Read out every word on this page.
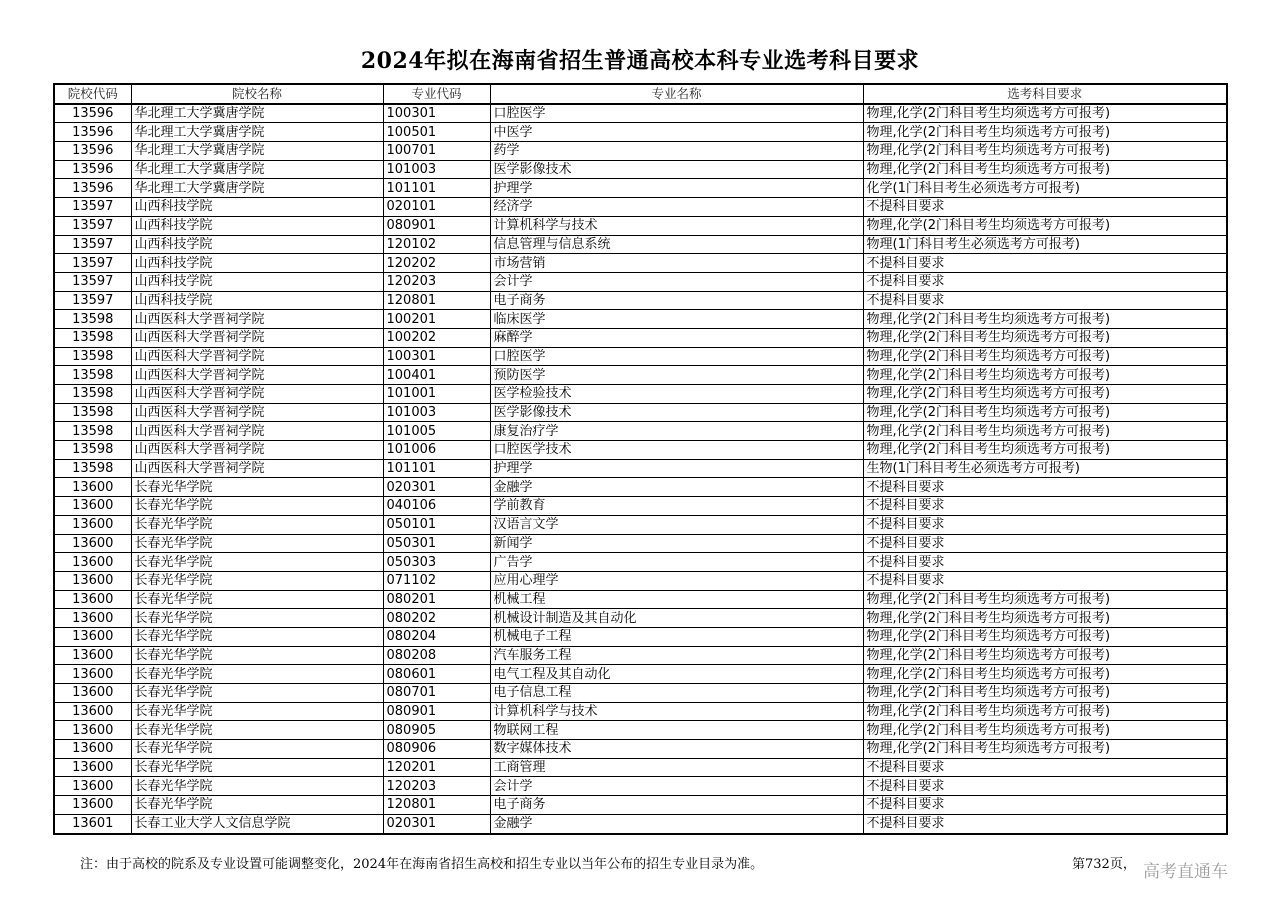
2024年拟在海南省招生普通高校本科专业选考科目要求
院校代码	院校名称	专业代码	专业名称	选考科目要求
13596	华北理工大学冀唐学院	100301	口腔医学	物理,化学(2门科目考生均须选考方可报考)
13596	华北理工大学冀唐学院	100501	中医学	物理,化学(2门科目考生均须选考方可报考)
13596	华北理工大学冀唐学院	100701	药学	物理,化学(2门科目考生均须选考方可报考)
13596	华北理工大学冀唐学院	101003	医学影像技术	物理,化学(2门科目考生均须选考方可报考)
13596	华北理工大学冀唐学院	101101	护理学	化学(1门科目考生必须选考方可报考)
13597	山西科技学院	020101	经济学	不提科目要求
13597	山西科技学院	080901	计算机科学与技术	物理,化学(2门科目考生均须选考方可报考)
13597	山西科技学院	120102	信息管理与信息系统	物理(1门科目考生必须选考方可报考)
13597	山西科技学院	120202	市场营销	不提科目要求
13597	山西科技学院	120203	会计学	不提科目要求
13597	山西科技学院	120801	电子商务	不提科目要求
13598	山西医科大学晋祠学院	100201	临床医学	物理,化学(2门科目考生均须选考方可报考)
13598	山西医科大学晋祠学院	100202	麻醉学	物理,化学(2门科目考生均须选考方可报考)
13598	山西医科大学晋祠学院	100301	口腔医学	物理,化学(2门科目考生均须选考方可报考)
13598	山西医科大学晋祠学院	100401	预防医学	物理,化学(2门科目考生均须选考方可报考)
13598	山西医科大学晋祠学院	101001	医学检验技术	物理,化学(2门科目考生均须选考方可报考)
13598	山西医科大学晋祠学院	101003	医学影像技术	物理,化学(2门科目考生均须选考方可报考)
13598	山西医科大学晋祠学院	101005	康复治疗学	物理,化学(2门科目考生均须选考方可报考)
13598	山西医科大学晋祠学院	101006	口腔医学技术	物理,化学(2门科目考生均须选考方可报考)
13598	山西医科大学晋祠学院	101101	护理学	生物(1门科目考生必须选考方可报考)
13600	长春光华学院	020301	金融学	不提科目要求
13600	长春光华学院	040106	学前教育	不提科目要求
13600	长春光华学院	050101	汉语言文学	不提科目要求
13600	长春光华学院	050301	新闻学	不提科目要求
13600	长春光华学院	050303	广告学	不提科目要求
13600	长春光华学院	071102	应用心理学	不提科目要求
13600	长春光华学院	080201	机械工程	物理,化学(2门科目考生均须选考方可报考)
13600	长春光华学院	080202	机械设计制造及其自动化	物理,化学(2门科目考生均须选考方可报考)
13600	长春光华学院	080204	机械电子工程	物理,化学(2门科目考生均须选考方可报考)
13600	长春光华学院	080208	汽车服务工程	物理,化学(2门科目考生均须选考方可报考)
13600	长春光华学院	080601	电气工程及其自动化	物理,化学(2门科目考生均须选考方可报考)
13600	长春光华学院	080701	电子信息工程	物理,化学(2门科目考生均须选考方可报考)
13600	长春光华学院	080901	计算机科学与技术	物理,化学(2门科目考生均须选考方可报考)
13600	长春光华学院	080905	物联网工程	物理,化学(2门科目考生均须选考方可报考)
13600	长春光华学院	080906	数字媒体技术	物理,化学(2门科目考生均须选考方可报考)
13600	长春光华学院	120201	工商管理	不提科目要求
13600	长春光华学院	120203	会计学	不提科目要求
13600	长春光华学院	120801	电子商务	不提科目要求
13601	长春工业大学人文信息学院	020301	金融学	不提科目要求
注：由于高校的院系及专业设置可能调整变化，2024年在海南省招生高校和招生专业以当年公布的招生专业目录为准。	第732页， 高考直通车
